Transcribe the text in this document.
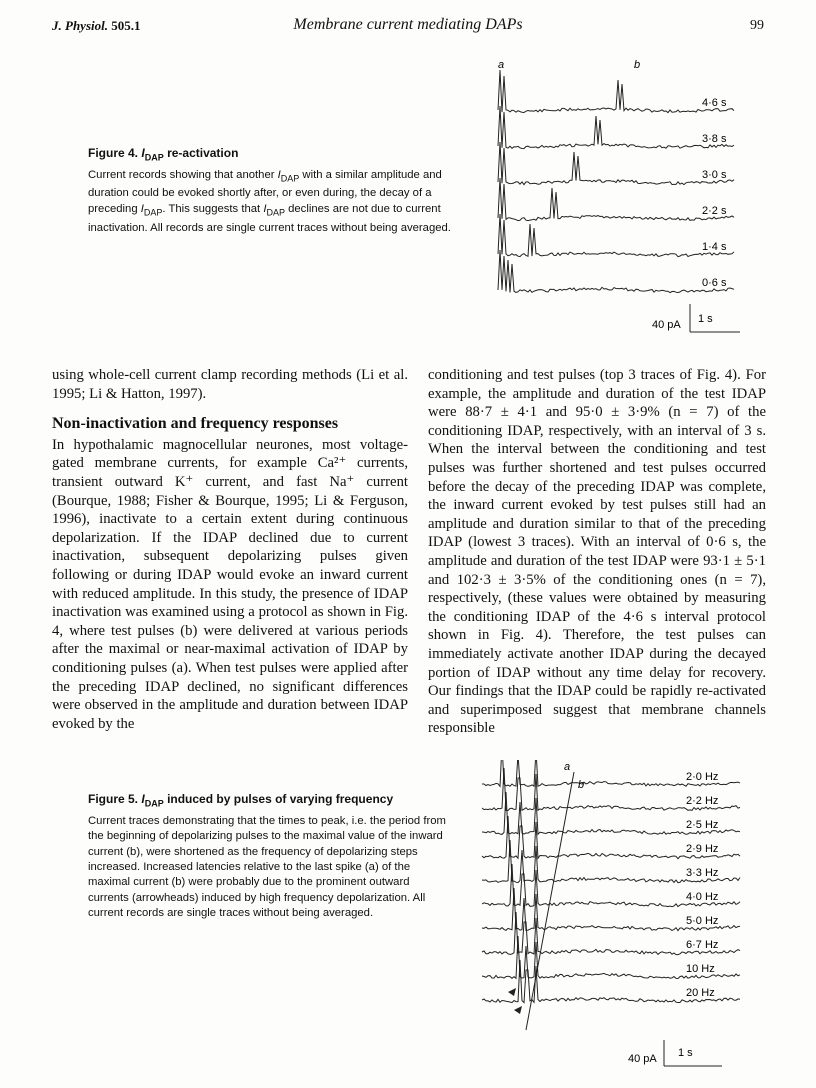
J. Physiol. 505.1	Membrane current mediating DAPs	99
a	b
4·6 s
3·8 s
3·0 s
2·2 s
1·4 s
0·6 s
40 pA 1 s
Figure 4. $I_{DAP}$ re-activation
Current records showing that another $I_{DAP}$ with a similar amplitude and duration could be evoked shortly after, or even during, the decay of a preceding $I_{DAP}$. This suggests that $I_{DAP}$ declines are not due to current inactivation. All records are single current traces without being averaged.

using whole-cell current clamp recording methods (Li et al. 1995; Li & Hatton, 1997).

Non-inactivation and frequency responses

In hypothalamic magnocellular neurones, most voltage-gated membrane currents, for example Ca²⁺ currents, transient outward K⁺ current, and fast Na⁺ current (Bourque, 1988; Fisher & Bourque, 1995; Li & Ferguson, 1996), inactivate to a certain extent during continuous depolarization. If the IDAP declined due to current inactivation, subsequent depolarizing pulses given following or during IDAP would evoke an inward current with reduced amplitude. In this study, the presence of IDAP inactivation was examined using a protocol as shown in Fig. 4, where test pulses (b) were delivered at various periods after the maximal or near-maximal activation of IDAP by conditioning pulses (a). When test pulses were applied after the preceding IDAP declined, no significant differences were observed in the amplitude and duration between IDAP evoked by the

conditioning and test pulses (top 3 traces of Fig. 4). For example, the amplitude and duration of the test IDAP were 88·7 ± 4·1 and 95·0 ± 3·9% (n = 7) of the conditioning IDAP, respectively, with an interval of 3 s. When the interval between the conditioning and test pulses was further shortened and test pulses occurred before the decay of the preceding IDAP was complete, the inward current evoked by test pulses still had an amplitude and duration similar to that of the preceding IDAP (lowest 3 traces). With an interval of 0·6 s, the amplitude and duration of the test IDAP were 93·1 ± 5·1 and 102·3 ± 3·5% of the conditioning ones (n = 7), respectively, (these values were obtained by measuring the conditioning IDAP of the 4·6 s interval protocol shown in Fig. 4). Therefore, the test pulses can immediately activate another IDAP during the decayed portion of IDAP without any time delay for recovery. Our findings that the IDAP could be rapidly re-activated and superimposed suggest that membrane channels responsible

a
b
2·0 Hz
2·2 Hz
2·5 Hz
2·9 Hz
3·3 Hz
4·0 Hz
5·0 Hz
6·7 Hz
10 Hz
20 Hz
40 pA 1 s
Figure 5. $I_{DAP}$ induced by pulses of varying frequency
Current traces demonstrating that the times to peak, i.e. the period from the beginning of depolarizing pulses to the maximal value of the inward current (b), were shortened as the frequency of depolarizing steps increased. Increased latencies relative to the last spike (a) of the maximal current (b) were probably due to the prominent outward currents (arrowheads) induced by high frequency depolarization. All current records are single traces without being averaged.
